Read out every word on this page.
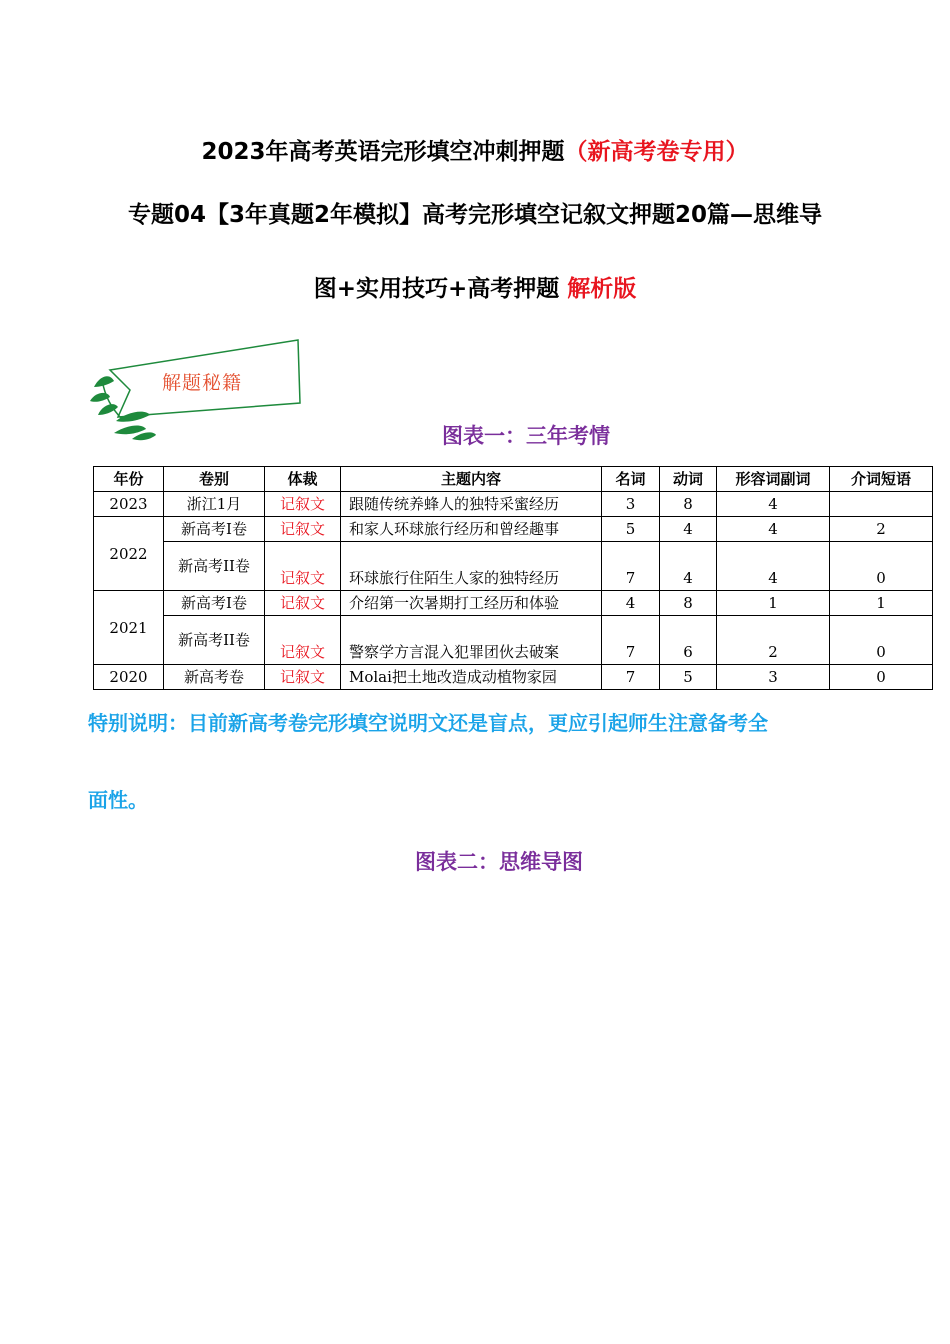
2023年高考英语完形填空冲刺押题（新高考卷专用）
专题04【3年真题2年模拟】高考完形填空记叙文押题20篇—思维导
图+实用技巧+高考押题 解析版
解题秘籍
图表一：三年考情
年份	卷别	体裁	主题内容	名词	动词	形容词副词	介词短语
2023	浙江1月	记叙文	跟随传统养蜂人的独特采蜜经历	3	8	4	
2022	新高考I卷	记叙文	和家人环球旅行经历和曾经趣事	5	4	4	2
	新高考II卷	记叙文	环球旅行住陌生人家的独特经历	7	4	4	0
2021	新高考I卷	记叙文	介绍第一次暑期打工经历和体验	4	8	1	1
	新高考II卷	记叙文	警察学方言混入犯罪团伙去破案	7	6	2	0
2020	新高考卷	记叙文	Molai把土地改造成动植物家园	7	5	3	0
特别说明：目前新高考卷完形填空说明文还是盲点，更应引起师生注意备考全
面性。
图表二：思维导图
